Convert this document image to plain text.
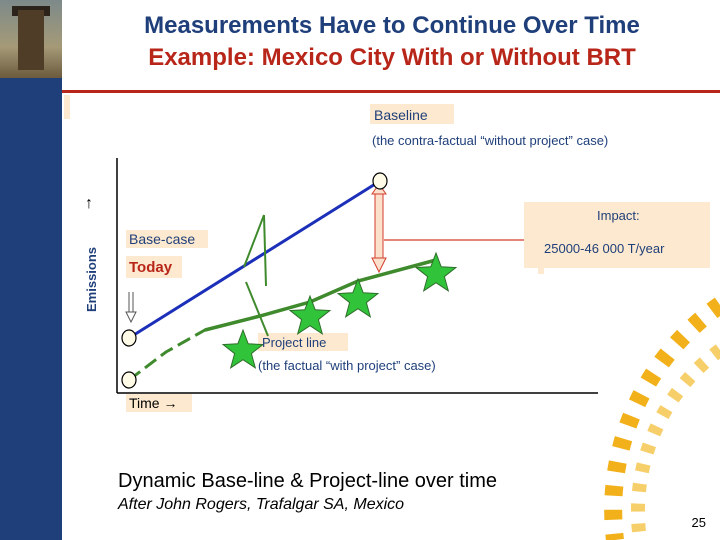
Measurements Have to Continue Over Time
Example: Mexico City With or Without BRT
Emissions
↑
Baseline
(the contra-factual “without project” case)
Impact:
25000-46 000 T/year
Base-case
Today
Project line
(the factual “with project” case)
Time →
Dynamic Base-line & Project-line over time
After John Rogers, Trafalgar SA, Mexico
25
